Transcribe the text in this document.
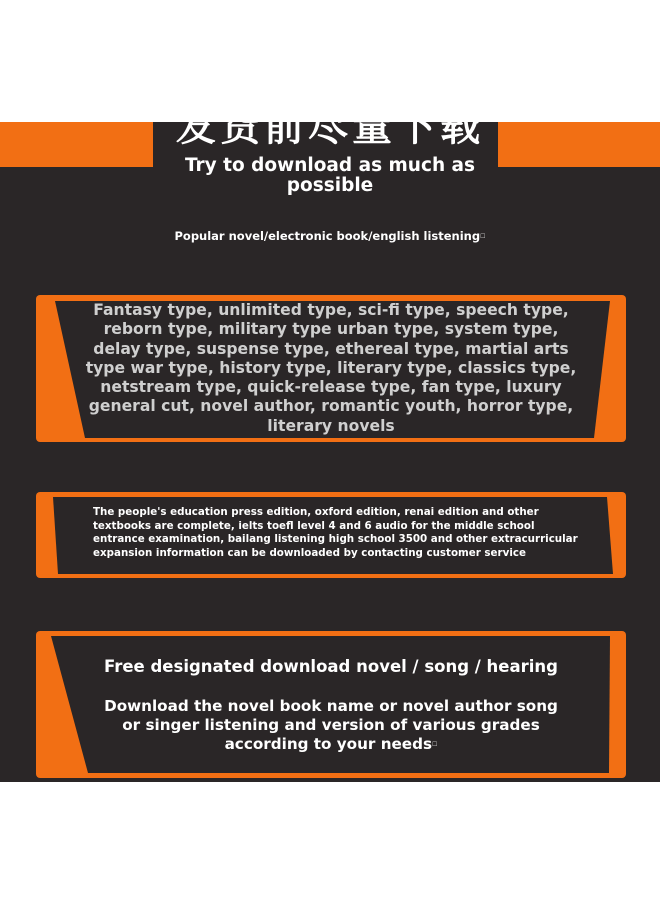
发货前尽量下载
Try to download as much as
possible
Popular novel/electronic book/english listening☐
Fantasy type, unlimited type, sci-fi type, speech type,
reborn type, military type urban type, system type,
delay type, suspense type, ethereal type, martial arts
type war type, history type, literary type, classics type,
netstream type, quick-release type, fan type, luxury
general cut, novel author, romantic youth, horror type,
literary novels
The people's education press edition, oxford edition, renai edition and other
textbooks are complete, ielts toefl level 4 and 6 audio for the middle school
entrance examination, bailang listening high school 3500 and other extracurricular
expansion information can be downloaded by contacting customer service
Free designated download novel / song / hearing
Download the novel book name or novel author song
or singer listening and version of various grades
according to your needs☐
